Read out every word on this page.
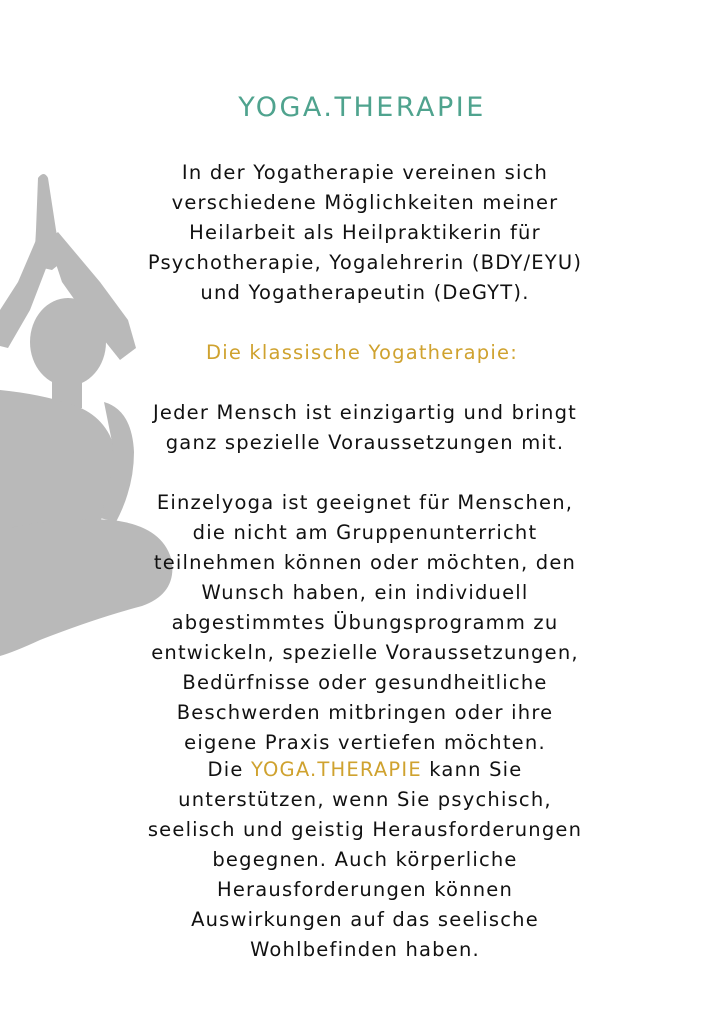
YOGA.THERAPIE

In der Yogatherapie vereinen sich
verschiedene Möglichkeiten meiner
Heilarbeit als Heilpraktikerin für
Psychotherapie, Yogalehrerin (BDY/EYU)
und Yogatherapeutin (DeGYT).

Die klassische Yogatherapie:

Jeder Mensch ist einzigartig und bringt
ganz spezielle Voraussetzungen mit.

Einzelyoga ist geeignet für Menschen,
die nicht am Gruppenunterricht
teilnehmen können oder möchten, den
Wunsch haben, ein individuell
abgestimmtes Übungsprogramm zu
entwickeln, spezielle Voraussetzungen,
Bedürfnisse oder gesundheitliche
Beschwerden mitbringen oder ihre
eigene Praxis vertiefen möchten.

Die YOGA.THERAPIE kann Sie
unterstützen, wenn Sie psychisch,
seelisch und geistig Herausforderungen
begegnen. Auch körperliche
Herausforderungen können
Auswirkungen auf das seelische
Wohlbefinden haben.
